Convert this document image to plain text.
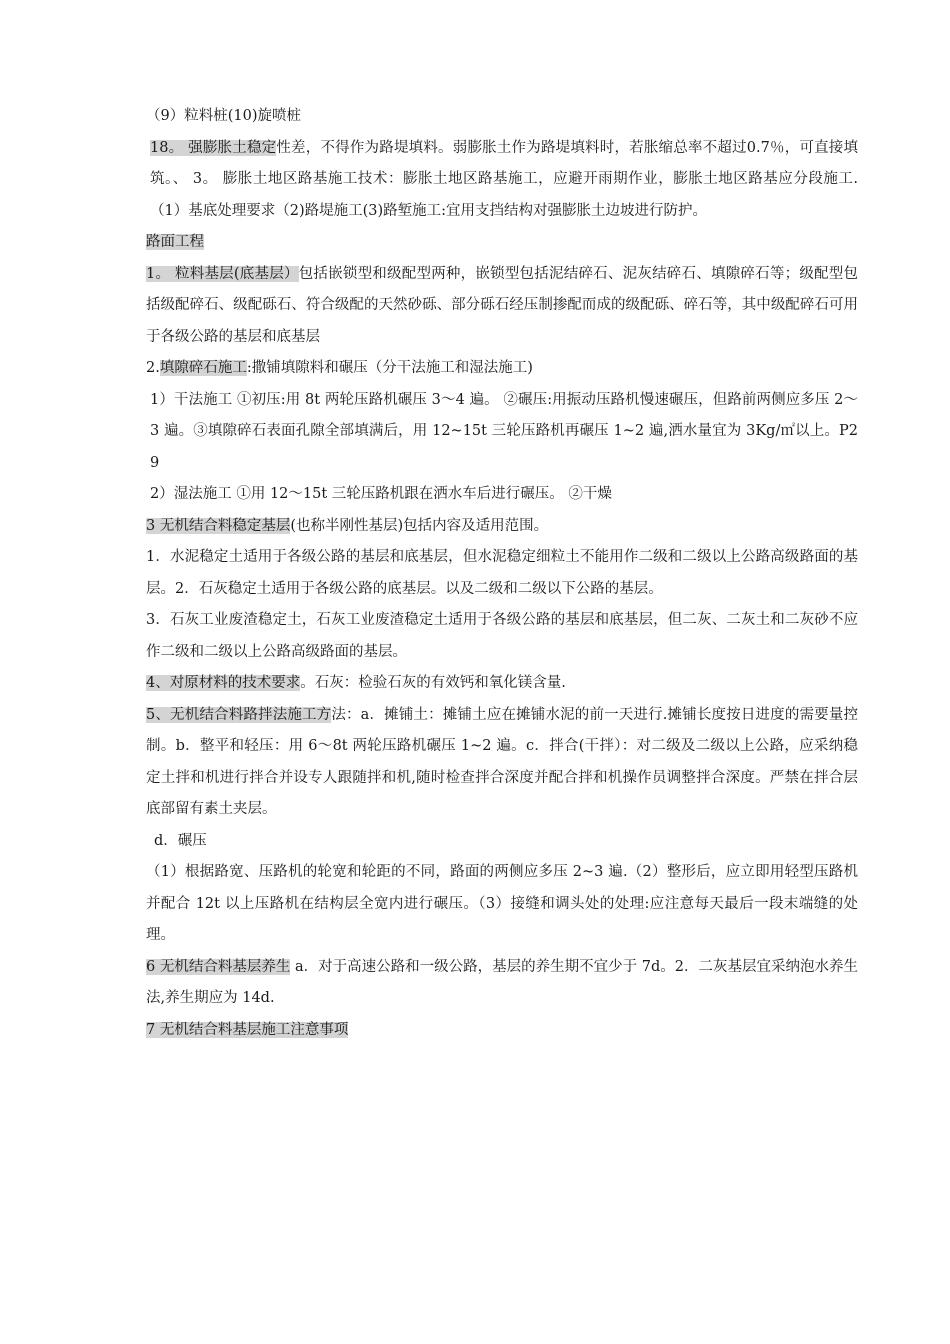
（9）粒料桩(10)旋喷桩

18。 强膨胀土稳定性差，不得作为路堤填料。弱膨胀土作为路堤填料时，若胀缩总率不超过0.7％，可直接填筑。、 3。 膨胀土地区路基施工技术：膨胀土地区路基施工，应避开雨期作业，膨胀土地区路基应分段施工.（1）基底处理要求（2)路堤施工(3)路堑施工:宜用支挡结构对强膨胀土边坡进行防护。

路面工程

1。 粒料基层(底基层）包括嵌锁型和级配型两种，嵌锁型包括泥结碎石、泥灰结碎石、填隙碎石等；级配型包括级配碎石、级配砾石、符合级配的天然砂砾、部分砾石经压制掺配而成的级配砾、碎石等，其中级配碎石可用于各级公路的基层和底基层

2.填隙碎石施工:撒铺填隙料和碾压（分干法施工和湿法施工)

1）干法施工 ①初压:用 8t 两轮压路机碾压 3～4 遍。 ②碾压:用振动压路机慢速碾压，但路前两侧应多压 2～3 遍。③填隙碎石表面孔隙全部填满后，用 12~15t 三轮压路机再碾压 1~2 遍,洒水量宜为 3Kg/㎡以上。P29

2）湿法施工 ①用 12～15t 三轮压路机跟在洒水车后进行碾压。 ②干燥

3 无机结合料稳定基层(也称半刚性基层)包括内容及适用范围。

1．水泥稳定土适用于各级公路的基层和底基层，但水泥稳定细粒土不能用作二级和二级以上公路高级路面的基层。2．石灰稳定土适用于各级公路的底基层。以及二级和二级以下公路的基层。

3．石灰工业废渣稳定土，石灰工业废渣稳定土适用于各级公路的基层和底基层，但二灰、二灰土和二灰砂不应作二级和二级以上公路高级路面的基层。

4、对原材料的技术要求。石灰：检验石灰的有效钙和氧化镁含量.

5、无机结合料路拌法施工方法：a．摊铺土：摊铺土应在摊铺水泥的前一天进行.摊铺长度按日进度的需要量控制。b．整平和轻压：用 6～8t 两轮压路机碾压 1~2 遍。c．拌合(干拌）：对二级及二级以上公路，应采纳稳定土拌和机进行拌合并设专人跟随拌和机,随时检查拌合深度并配合拌和机操作员调整拌合深度。严禁在拌合层底部留有素土夹层。

d．碾压

（1）根据路宽、压路机的轮宽和轮距的不同，路面的两侧应多压 2~3 遍.（2）整形后，应立即用轻型压路机并配合 12t 以上压路机在结构层全宽内进行碾压。（3）接缝和调头处的处理:应注意每天最后一段末端缝的处理。

6 无机结合料基层养生 a．对于高速公路和一级公路，基层的养生期不宜少于 7d。2．二灰基层宜采纳泡水养生法,养生期应为 14d.

7 无机结合料基层施工注意事项
